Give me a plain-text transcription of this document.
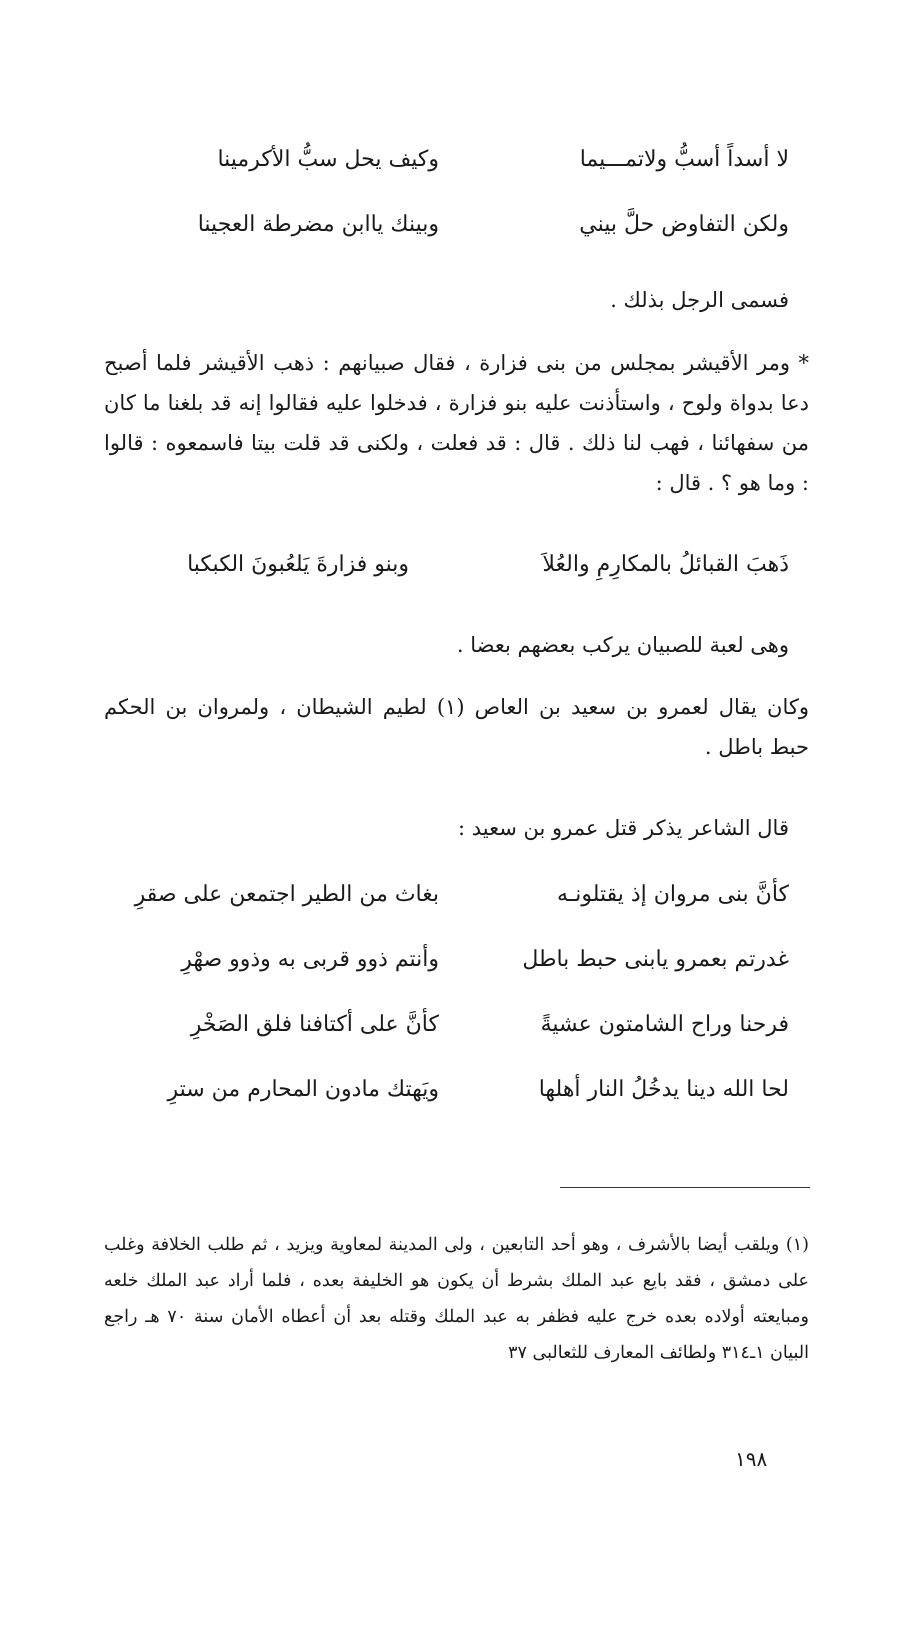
لا أسداً أسبُّ ولاتمـــيما
وكيف يحل سبُّ الأكرمينا
ولكن التفاوض حلَّ بيني
وبينك ياابن مضرطة العجينا
فسمى الرجل بذلك .
* ومر الأقيشر بمجلس من بنى فزارة ، فقال صبيانهم : ذهب الأقيشر فلما أصبح دعا بدواة ولوح ، واستأذنت عليه بنو فزارة ، فدخلوا عليه فقالوا إنه قد بلغنا ما كان من سفهائنا ، فهب لنا ذلك . قال : قد فعلت ، ولكنى قد قلت بيتا فاسمعوه : قالوا : وما هو ؟ . قال :
ذَهبَ القبائلُ بالمكارِمِ والعُلاَ
وبنو فزارةَ يَلعُبونَ الكبكبا
وهى لعبة للصبيان يركب بعضهم بعضا .
وكان يقال لعمرو بن سعيد بن العاص (١) لطيم الشيطان ، ولمروان بن الحكم حبط باطل .
قال الشاعر يذكر قتل عمرو بن سعيد :
كأنَّ بنى مروان إذ يقتلونـه
بغاث من الطير اجتمعن على صقرِ
غدرتم بعمرو يابنى حبط باطل
وأنتم ذوو قربى به وذوو صهْرِ
فرحنا وراح الشامتون عشيةً
كأنَّ على أكتافنا فلق الصَخْرِ
لحا الله دينا يدخُلُ النار أهلها
ويَهتك مادون المحارم من سترِ
(١) ويلقب أيضا بالأشرف ، وهو أحد التابعين ، ولى المدينة لمعاوية ويزيد ، ثم طلب الخلافة وغلب على دمشق ، فقد بايع عبد الملك بشرط أن يكون هو الخليفة بعده ، فلما أراد عبد الملك خلعه ومبايعته أولاده بعده خرج عليه فظفر به عبد الملك وقتله بعد أن أعطاه الأمان سنة ٧٠ هـ راجع البيان ١ـ٣١٤ ولطائف المعارف للثعالبى ٣٧
١٩٨
